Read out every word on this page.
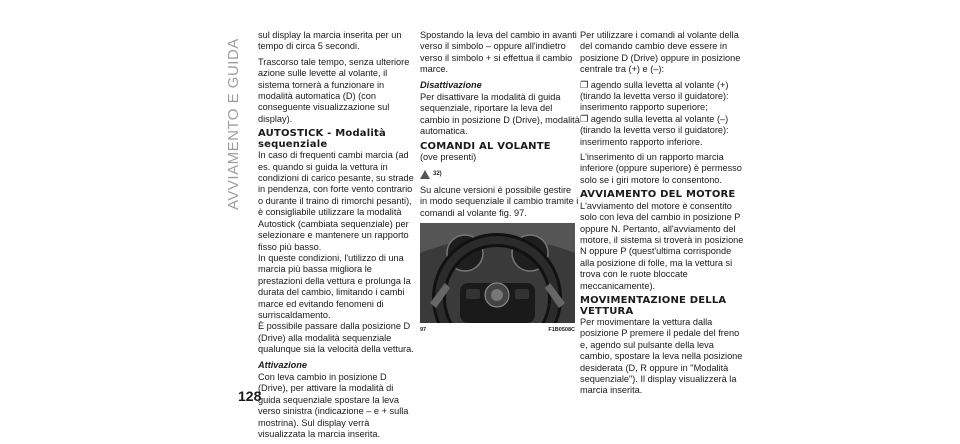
AVVIAMENTO E GUIDA

sul display la marcia inserita per un tempo di circa 5 secondi.

Trascorso tale tempo, senza ulteriore azione sulle levette al volante, il sistema tornerà a funzionare in modalità automatica (D) (con conseguente visualizzazione sul display).

AUTOSTICK - Modalità sequenziale

In caso di frequenti cambi marcia (ad es. quando si guida la vettura in condizioni di carico pesante, su strade in pendenza, con forte vento contrario o durante il traino di rimorchi pesanti), è consigliabile utilizzare la modalità Autostick (cambiata sequenziale) per selezionare e mantenere un rapporto fisso più basso.

In queste condizioni, l'utilizzo di una marcia più bassa migliora le prestazioni della vettura e prolunga la durata del cambio, limitando i cambi marce ed evitando fenomeni di surriscaldamento.

È possibile passare dalla posizione D (Drive) alla modalità sequenziale qualunque sia la velocità della vettura.

Attivazione

Con leva cambio in posizione D (Drive), per attivare la modalità di guida sequenziale spostare la leva verso sinistra (indicazione – e + sulla mostrina). Sul display verrà visualizzata la marcia inserita.

Spostando la leva del cambio in avanti verso il simbolo – oppure all'indietro verso il simbolo + si effettua il cambio marce.

Disattivazione

Per disattivare la modalità di guida sequenziale, riportare la leva del cambio in posizione D (Drive), modalità automatica.

COMANDI AL VOLANTE
(ove presenti)
32)

Su alcune versioni è possibile gestire in modo sequenziale il cambio tramite i comandi al volante fig. 97.

97	F1B0508C

Per utilizzare i comandi al volante della del comando cambio deve essere in posizione D (Drive) oppure in posizione centrale tra (+) e (–):

❐ agendo sulla levetta al volante (+) (tirando la levetta verso il guidatore): inserimento rapporto superiore;

❐ agendo sulla levetta al volante (–) (tirando la levetta verso il guidatore): inserimento rapporto inferiore.

L'inserimento di un rapporto marcia inferiore (oppure superiore) è permesso solo se i giri motore lo consentono.

AVVIAMENTO DEL MOTORE

L'avviamento del motore è consentito solo con leva del cambio in posizione P oppure N. Pertanto, all'avviamento del motore, il sistema si troverà in posizione N oppure P (quest'ultima corrisponde alla posizione di folle, ma la vettura si trova con le ruote bloccate meccanicamente).

MOVIMENTAZIONE DELLA VETTURA

Per movimentare la vettura dalla posizione P premere il pedale del freno e, agendo sul pulsante della leva cambio, spostare la leva nella posizione desiderata (D, R oppure in "Modalità sequenziale"). Il display visualizzerà la marcia inserita.

128
